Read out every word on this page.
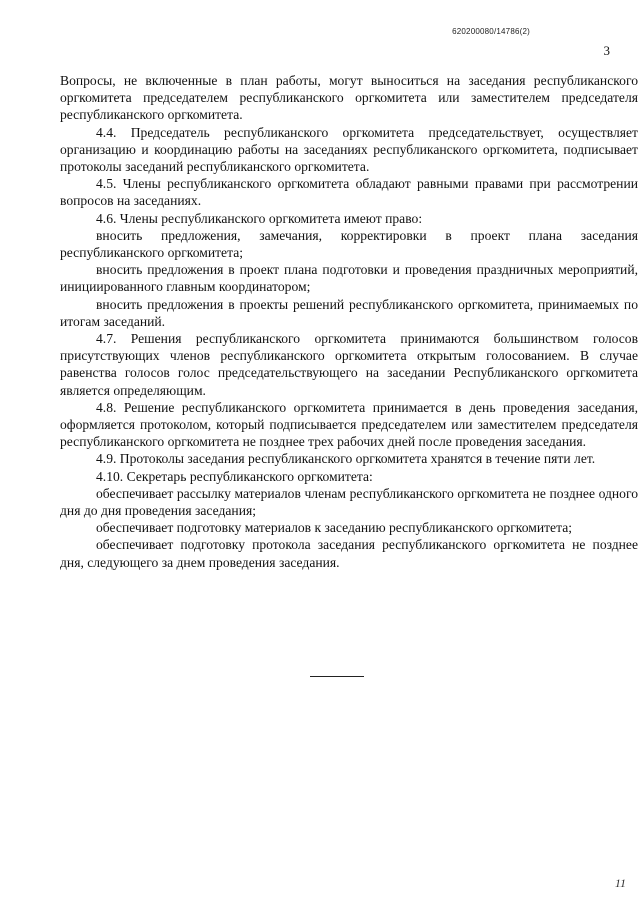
620200080/14786(2)
3

Вопросы, не включенные в план работы, могут выноситься на заседания республиканского оргкомитета председателем республиканского оргкомитета или заместителем председателя республиканского оргкомитета.

4.4. Председатель республиканского оргкомитета председательствует, осуществляет организацию и координацию работы на заседаниях республиканского оргкомитета, подписывает протоколы заседаний республиканского оргкомитета.

4.5. Члены республиканского оргкомитета обладают равными правами при рассмотрении вопросов на заседаниях.

4.6. Члены республиканского оргкомитета имеют право:

вносить предложения, замечания, корректировки в проект плана заседания республиканского оргкомитета;

вносить предложения в проект плана подготовки и проведения праздничных мероприятий, инициированного главным координатором;

вносить предложения в проекты решений республиканского оргкомитета, принимаемых по итогам заседаний.

4.7. Решения республиканского оргкомитета принимаются большинством голосов присутствующих членов республиканского оргкомитета открытым голосованием. В случае равенства голосов голос председательствующего на заседании Республиканского оргкомитета является определяющим.

4.8. Решение республиканского оргкомитета принимается в день проведения заседания, оформляется протоколом, который подписывается председателем или заместителем председателя республиканского оргкомитета не позднее трех рабочих дней после проведения заседания.

4.9. Протоколы заседания республиканского оргкомитета хранятся в течение пяти лет.

4.10. Секретарь республиканского оргкомитета:

обеспечивает рассылку материалов членам республиканского оргкомитета не позднее одного дня до дня проведения заседания;

обеспечивает подготовку материалов к заседанию республиканского оргкомитета;

обеспечивает подготовку протокола заседания республиканского оргкомитета не позднее дня, следующего за днем проведения заседания.

11
